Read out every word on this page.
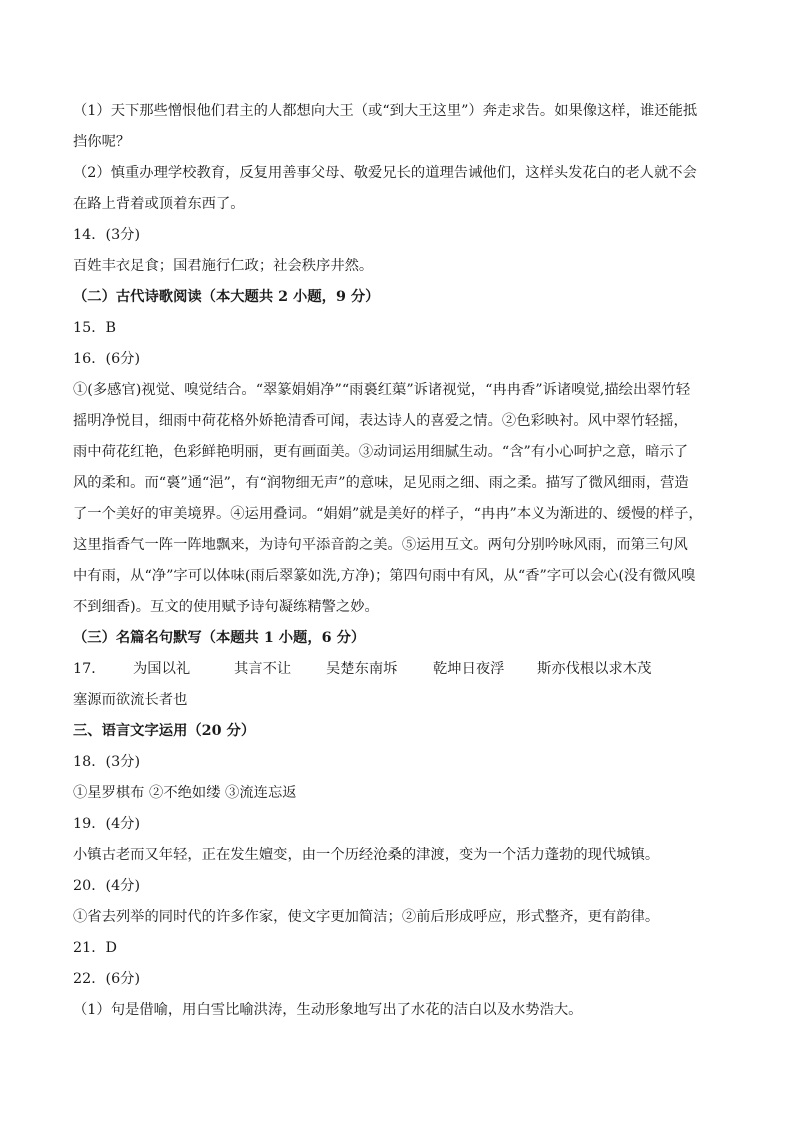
（1）天下那些憎恨他们君主的人都想向大王（或“到大王这里”）奔走求告。如果像这样，谁还能抵
挡你呢？
（2）慎重办理学校教育，反复用善事父母、敬爱兄长的道理告诫他们，这样头发花白的老人就不会
在路上背着或顶着东西了。
14．(3分)
百姓丰衣足食；国君施行仁政；社会秩序井然。
（二）古代诗歌阅读（本大题共 2 小题，9 分）
15．B
16．(6分)
①(多感官)视觉、嗅觉结合。“翠篆娟娟净”“雨裛红蕖”诉诸视觉，“冉冉香”诉诸嗅觉,描绘出翠竹轻
摇明净悦目，细雨中荷花格外娇艳清香可闻，表达诗人的喜爱之情。②色彩映衬。风中翠竹轻摇，
雨中荷花红艳，色彩鲜艳明丽，更有画面美。③动词运用细腻生动。“含”有小心呵护之意，暗示了
风的柔和。而“裛”通“浥”，有“润物细无声”的意味，足见雨之细、雨之柔。描写了微风细雨，营造
了一个美好的审美境界。④运用叠词。“娟娟”就是美好的样子，“冉冉”本义为渐进的、缓慢的样子，
这里指香气一阵一阵地飘来，为诗句平添音韵之美。⑤运用互文。两句分别吟咏风雨，而第三句风
中有雨，从“净”字可以体味(雨后翠篆如洗,方净)；第四句雨中有风，从“香”字可以会心(没有微风嗅
不到细香)。互文的使用赋予诗句凝练精警之妙。
（三）名篇名句默写（本题共 1 小题，6 分）
17．	为国以礼	其言不让	吴楚东南坼	乾坤日夜浮	斯亦伐根以求木茂
塞源而欲流长者也
三、语言文字运用（20 分）
18．(3分)
①星罗棋布 ②不绝如缕 ③流连忘返
19．(4分)
小镇古老而又年轻，正在发生嬗变，由一个历经沧桑的津渡，变为一个活力蓬勃的现代城镇。
20．(4分)
①省去列举的同时代的许多作家，使文字更加简洁；②前后形成呼应，形式整齐，更有韵律。
21．D
22．(6分)
（1）句是借喻，用白雪比喻洪涛，生动形象地写出了水花的洁白以及水势浩大。
